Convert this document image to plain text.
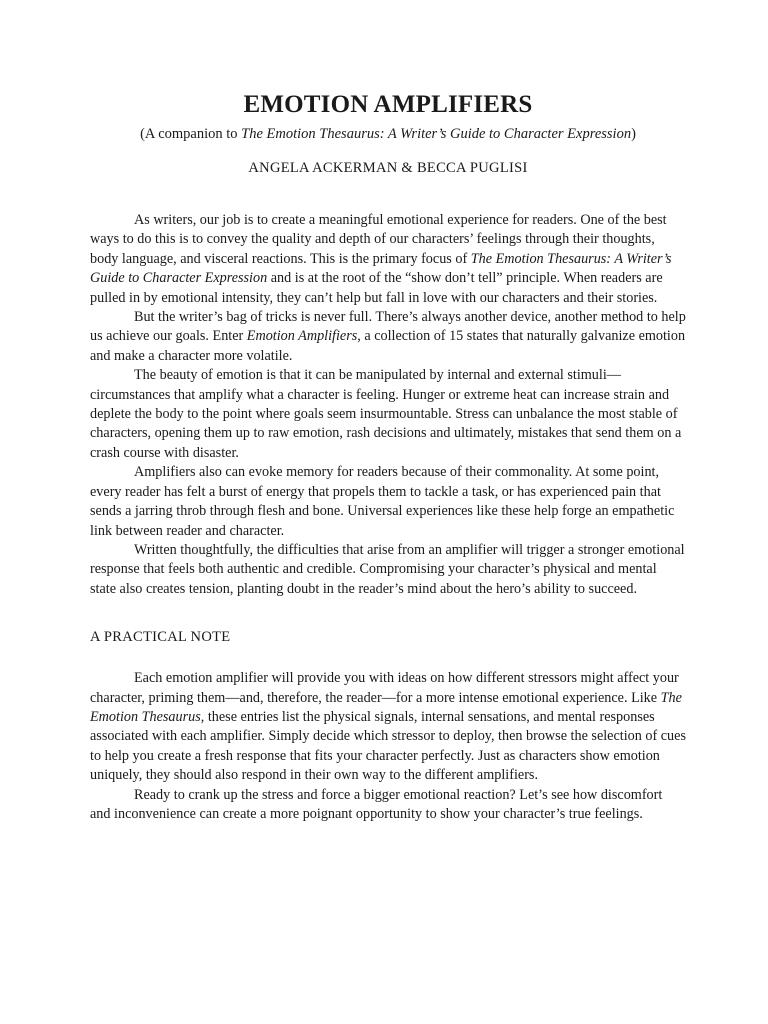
EMOTION AMPLIFIERS
(A companion to The Emotion Thesaurus: A Writer’s Guide to Character Expression)
ANGELA ACKERMAN & BECCA PUGLISI

As writers, our job is to create a meaningful emotional experience for readers. One of the best ways to do this is to convey the quality and depth of our characters’ feelings through their thoughts, body language, and visceral reactions. This is the primary focus of The Emotion Thesaurus: A Writer’s Guide to Character Expression and is at the root of the “show don’t tell” principle. When readers are pulled in by emotional intensity, they can’t help but fall in love with our characters and their stories.

But the writer’s bag of tricks is never full. There’s always another device, another method to help us achieve our goals. Enter Emotion Amplifiers, a collection of 15 states that naturally galvanize emotion and make a character more volatile.

The beauty of emotion is that it can be manipulated by internal and external stimuli—circumstances that amplify what a character is feeling. Hunger or extreme heat can increase strain and deplete the body to the point where goals seem insurmountable. Stress can unbalance the most stable of characters, opening them up to raw emotion, rash decisions and ultimately, mistakes that send them on a crash course with disaster.

Amplifiers also can evoke memory for readers because of their commonality. At some point, every reader has felt a burst of energy that propels them to tackle a task, or has experienced pain that sends a jarring throb through flesh and bone. Universal experiences like these help forge an empathetic link between reader and character.

Written thoughtfully, the difficulties that arise from an amplifier will trigger a stronger emotional response that feels both authentic and credible. Compromising your character’s physical and mental state also creates tension, planting doubt in the reader’s mind about the hero’s ability to succeed.

A PRACTICAL NOTE

Each emotion amplifier will provide you with ideas on how different stressors might affect your character, priming them—and, therefore, the reader—for a more intense emotional experience. Like The Emotion Thesaurus, these entries list the physical signals, internal sensations, and mental responses associated with each amplifier. Simply decide which stressor to deploy, then browse the selection of cues to help you create a fresh response that fits your character perfectly. Just as characters show emotion uniquely, they should also respond in their own way to the different amplifiers.

Ready to crank up the stress and force a bigger emotional reaction? Let’s see how discomfort and inconvenience can create a more poignant opportunity to show your character’s true feelings.
